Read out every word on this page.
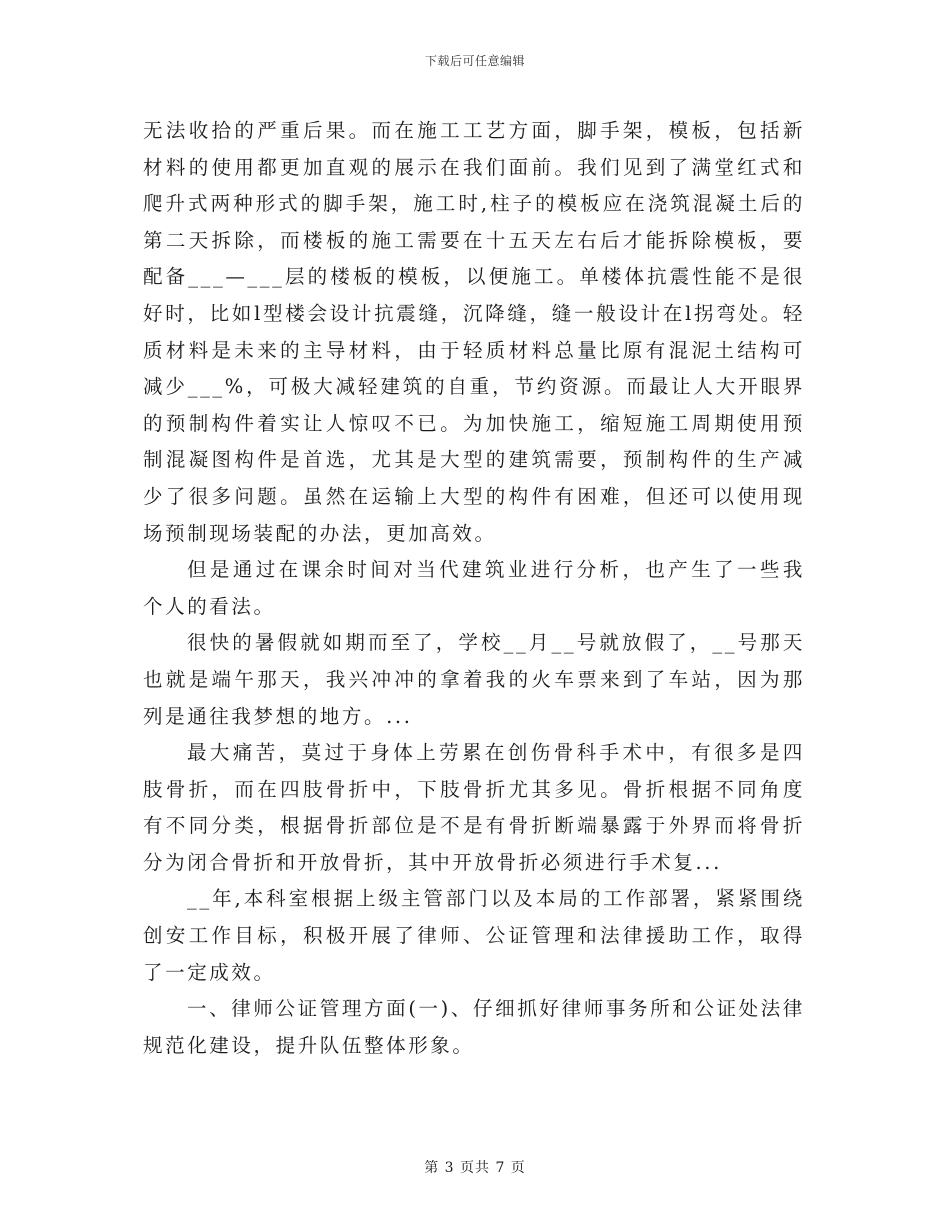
下载后可任意编辑

无法收拾的严重后果。而在施工工艺方面，脚手架，模板，包括新材料的使用都更加直观的展示在我们面前。我们见到了满堂红式和爬升式两种形式的脚手架，施工时,柱子的模板应在浇筑混凝土后的第二天拆除，而楼板的施工需要在十五天左右后才能拆除模板，要配备___—___层的楼板的模板，以便施工。单楼体抗震性能不是很好时，比如l型楼会设计抗震缝，沉降缝，缝一般设计在l拐弯处。轻质材料是未来的主导材料，由于轻质材料总量比原有混泥土结构可减少___%，可极大减轻建筑的自重，节约资源。而最让人大开眼界的预制构件着实让人惊叹不已。为加快施工，缩短施工周期使用预制混凝图构件是首选，尤其是大型的建筑需要，预制构件的生产减少了很多问题。虽然在运输上大型的构件有困难，但还可以使用现场预制现场装配的办法，更加高效。

但是通过在课余时间对当代建筑业进行分析，也产生了一些我个人的看法。

很快的暑假就如期而至了，学校__月__号就放假了，__号那天也就是端午那天，我兴冲冲的拿着我的火车票来到了车站，因为那列是通往我梦想的地方。...

最大痛苦，莫过于身体上劳累在创伤骨科手术中，有很多是四肢骨折，而在四肢骨折中，下肢骨折尤其多见。骨折根据不同角度有不同分类，根据骨折部位是不是有骨折断端暴露于外界而将骨折分为闭合骨折和开放骨折，其中开放骨折必须进行手术复...

__年,本科室根据上级主管部门以及本局的工作部署，紧紧围绕创安工作目标，积极开展了律师、公证管理和法律援助工作，取得了一定成效。

一、律师公证管理方面(一)、仔细抓好律师事务所和公证处法律规范化建设，提升队伍整体形象。

第 3 页共 7 页
